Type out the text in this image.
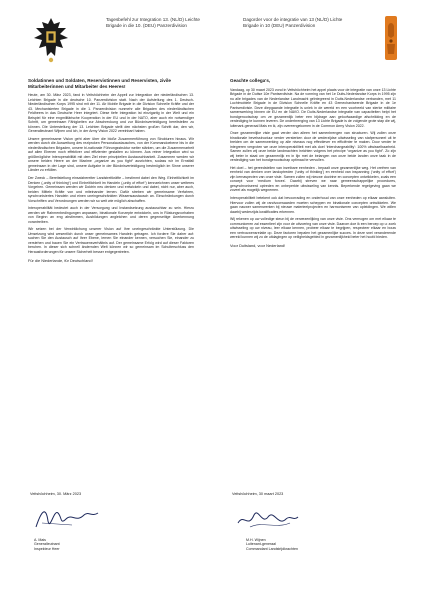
Tagesbefehl zur Integration 13. (NL/D) Leichte Brigade in die 10. (DEU) Panzerdivision
Dagorder voor de integratie van 13 (NL/D) Lichte Brigade in 10 (DEU) Panzerdivision

Soldatinnen und Soldaten, Reservistinnen und Reservisten, zivile Mitarbeiterinnen und Mitarbeiter des Heeres!

Heute, am 30. März 2023, fand in Veitshöchheim der Appell zur Integration der niederländischen 13. Leichten Brigade in die deutsche 10. Panzerdivision statt. Nach der Aufstellung des 1. Deutsch-Niederländischen Korps 1995 sind mit der 11. Air Mobile Brigade in die Division Schnelle Kräfte und der 43. Mechanisierten Brigade in die 1. Panzerdivision nunmehr alle Brigaden des niederländischen Feldheers in das Deutsche Heer integriert. Diese tiefe Integration ist einzigartig in der Welt und ein Beispiel für eine engmilitärische Kooperation in der EU und in der NATO, aber auch ein notwendiger Schritt, um gemeinsam Fähigkeiten zur Abschreckung und zur Bündnisverteidigung bereitstellen zu können. Die Unterstellung der 13. Leichten Brigade stellt den nächsten großen Schritt dar, den wir, Generalleutnant Wijnen und ich, in der Army Vision 2022 vereinbart haben.

Unsere gemeinsame Vision geht aber über die bloße Zusammenführung von Strukturen hinaus. Wir werden durch die Ausweitung des reziproken Personalaustausches, von der Kommandoebene bis in die niederländischen Brigaden, unsere bi-nationale Führungsstruktur weiter stärken, um die Zusammenarbeit auf allen Ebenen noch effektiver und effizienter gestalten zu können. Aus reiner Integration wird so größtmögliche Interoperabilität mit dem Ziel einer prinzipiellen Austauschbarkeit. Zusammen werden wir unsere beiden Heere an der Maxime „organize as you fight“ ausrichten, sodass wir im Ernstfall gemeinsam in der Lage sind, unsere Aufgabe in der Bündnisverteidigung bestmöglich im Sinne unserer Länder zu erfüllen.

Der Zweck – Bereitstellung einsatzbereiter Landstreitkräfte – bestimmt dabei den Weg. Einheitlichkeit im Denken („unity of thinking“) und Einheitlichkeit im Handeln („unity of effort“) kennzeichnen unser weiteres Vorgehen. Gemeinsam werden wir Doktrin neu denken und entwickeln und dabei, nicht nur, aber auch, beiden Mitteln Kräfte von und miteinander lernen. Dafür streben wir gemeinsame Verfahren, synchronisiertes Handeln und einen uneingeschränkten Wissensaustausch an. Einschränkungen durch Vorschriften und Verordnungen werden wir so weit wie möglich abschaffen.

Interoperabilität bedeutet auch in der Versorgung und Instandsetzung austauschbar zu sein. Hierzu werden wir Rahmenbedingungen anpassen, binationale Konzepte entwickeln, uns in Rüstungsvorhaben von Beginn an eng abstimmen, Ausbildungen angleichen und deren gegenseitige Anerkennung vorantreiben.

Wir setzen bei der Verwirklichung unserer Vision auf Ihre uneingeschränkte Unterstützung. Die Umsetzung wird wesentlich durch unser gemeinsames Handeln getragen. Ich fordere Sie daher auf: suchen Sie den Austausch auf Ihrer Ebene, lernen Sie einander kennen, versuchen Sie, einander zu verstehen und bauen Sie ein Vertrauensverhältnis auf. Der gemeinsame Erfolg wird auf dieser Faktoren beruhen. In dieser sich schnell ändernden Welt können wir so gemeinsam im Schulterschluss den Herausforderungen für unsere Sicherheit besser entgegentreten.

Für die Niederlande, für Deutschland!

Geachte collega's,

Vandaag, op 30 maart 2023 vond in Veitshöchheim het appel plaats voor de integratie van onze 13 Lichte Brigade in de Duitse 10e Pantserdivisie. Na de vorming van het 1e Duits-Nederlandse Korps in 1995 zijn nu alle brigades van de Nederlandse Landmacht geïntegreerd in Duits-Nederlandse verbanden, met 11 Luchtmobiele Brigade in de Division Schnelle Kräfte en 43 Gemechaniseerde Brigade in de 1e Pantserdivisie. Deze diepgaande integratie is uniek in de wereld en een voorbeeld van sterke militaire samenwerking binnen de EU en de NAVO. De Duits-Nederlandse integratie van capaciteiten helpt het bondgenootschap om ze gezamenlijk beter een bijdrage aan geloofwaardige afschrikking en de verdediging te kunnen leveren. De onderbrenging van 13 Lichte Brigade is de volgende grote stap die wij, luitenant-generaal Mais en ik, zijn overeengekomen in de Common Army Vision 2022.

Onze gezamenlijke visie gaat verder dan alleen het samenbrengen van structuren. Wij zullen onze binationale bevelsstructuur verder versterken door de wederzijdse uitwisseling van stafpersoneel uit te breiden om de samenwerking op alle niveaus nog effectiever en efficiënter te maken. Door verder te integreren vergroten we onze interoperabiliteit met als doel ‘interchangeability’: 100% uitwisselbaarheid. Samen zullen wij onze beide landmachten inrichten volgens het principe “organize as you fight”. Zo zijn wij beter in staat om gezamenlijk en in lijn met de belangen van onze beide landen onze taak in de verdediging van het bondgenootschap optimaal te vervullen.

Het doel – het gereedstellen van inzetbare eenheden - bepaalt onze gezamenlijke weg. Het creëren van eenheid van denken over landoptreden (‘unity of thinking’) en eenheid van inspanning (‘unity of effort’) zijn kernaspecten van onze visie. Samen zullen wij nieuwe doctrine en concepten ontwikkelen, zoals een concept voor ‘medium forces’. Daarbij streven we naar gemeenschappelijke procedures, gesynchroniseerd optreden en onbeperkte uitwisseling van kennis. Beperkende regelgeving gaan we zoveel als mogelijk wegnemen.

Interoperabiliteit betekent ook dat bevoorrading en onderhoud van onze eenheden op elkaar aansluiten. Hiervoor zullen wij de randvoorwaarden moeten scheppen en binationale concepten ontwikkelen. We gaan nauwer samenwerken bij nieuwe materieelprojecten en harmoniseren van opleidingen. We willen daarbij wederzijds kwalificaties erkennen.

Wij rekenen op uw volledige steun bij de verwezenlijking van onze visie. Ons vermogen om met elkaar te communiceren zal essentieel zijn voor de uitvoering van onze visie. Daarom doe ik een beroep op u: zoek uitwisseling op uw niveau, leer elkaar kennen, probeer elkaar te begrijpen, respecteer elkaar en bouw een vertrouwensrelatie op. Deze factoren bepalen het gezamenlijke succes. In deze snel veranderende wereld kunnen wij zo de uitdagingen op veiligheidsgebied in gezamenlijkheid beter het hoofd bieden.

Voor Duitsland, voor Nederland!
Veitshöchheim, 30. März 2023	Veitshöchheim, 30 maart 2023
A. Mais
Generalleutnant
Inspekteur Heer
M.H. Wijnen
Luitenant-generaal
Commandant Landstrijdkrachten
